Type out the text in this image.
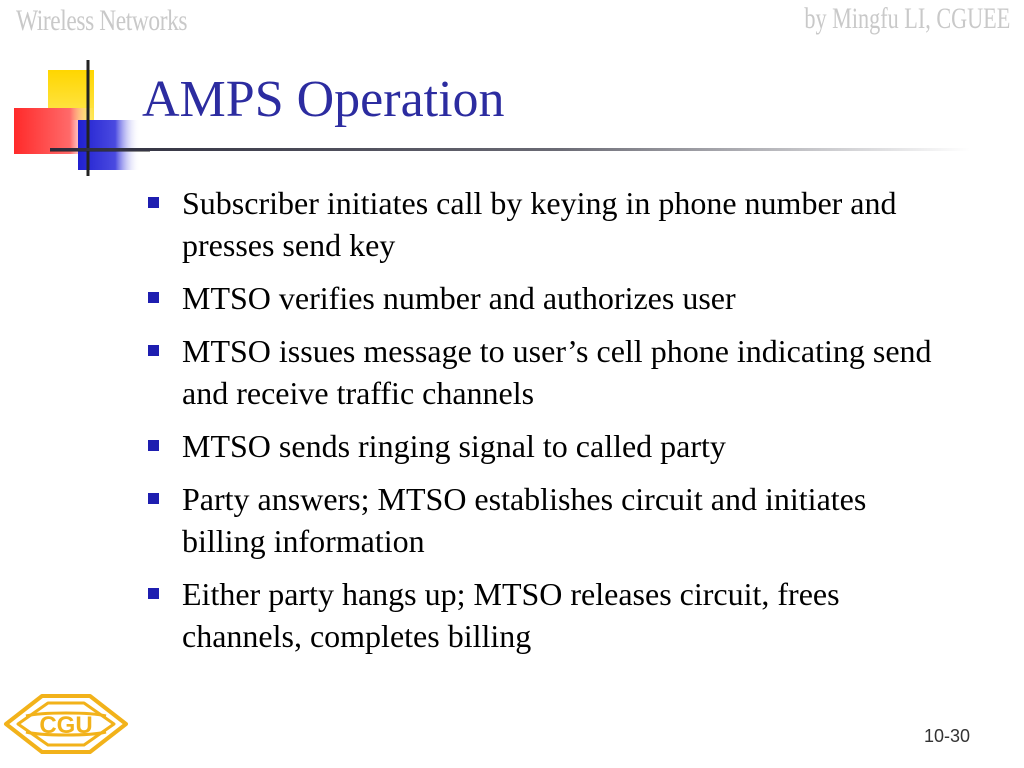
Wireless Networks	by Mingfu LI, CGUEE
AMPS Operation
Subscriber initiates call by keying in phone number and presses send key
MTSO verifies number and authorizes user
MTSO issues message to user’s cell phone indicating send and receive traffic channels
MTSO sends ringing signal to called party
Party answers; MTSO establishes circuit and initiates billing information
Either party hangs up; MTSO releases circuit, frees channels, completes billing
CGU	10-30
